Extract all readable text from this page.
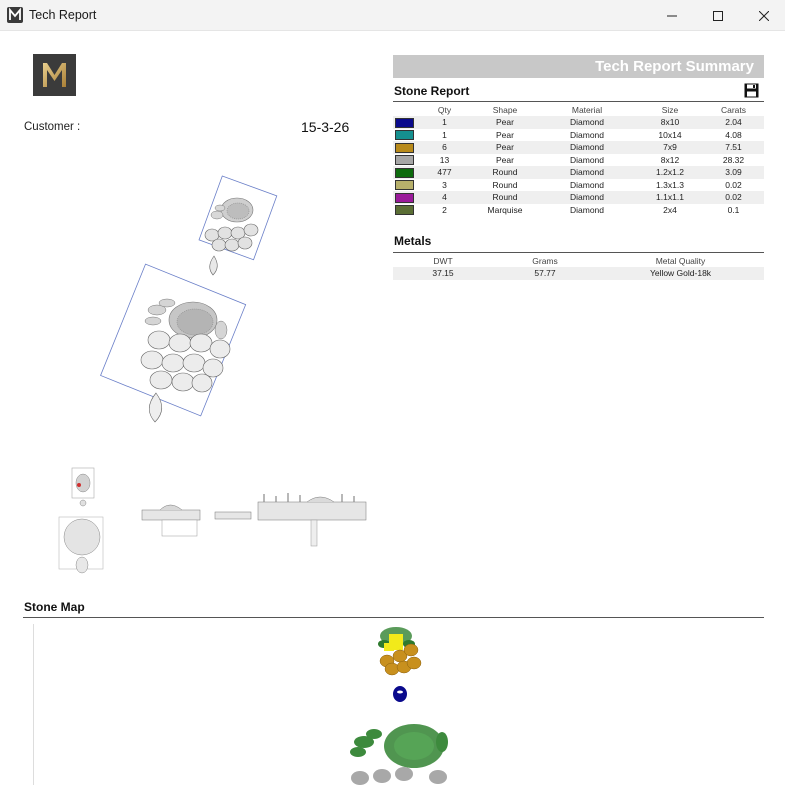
Tech Report
Customer :	15-3-26
Tech Report Summary
Stone Report
	Qty	Shape	Material	Size	Carats
	1	Pear	Diamond	8x10	2.04
	1	Pear	Diamond	10x14	4.08
	6	Pear	Diamond	7x9	7.51
	13	Pear	Diamond	8x12	28.32
	477	Round	Diamond	1.2x1.2	3.09
	3	Round	Diamond	1.3x1.3	0.02
	4	Round	Diamond	1.1x1.1	0.02
	2	Marquise	Diamond	2x4	0.1
Metals
DWT	Grams	Metal Quality
37.15	57.77	Yellow Gold-18k
Stone Map
